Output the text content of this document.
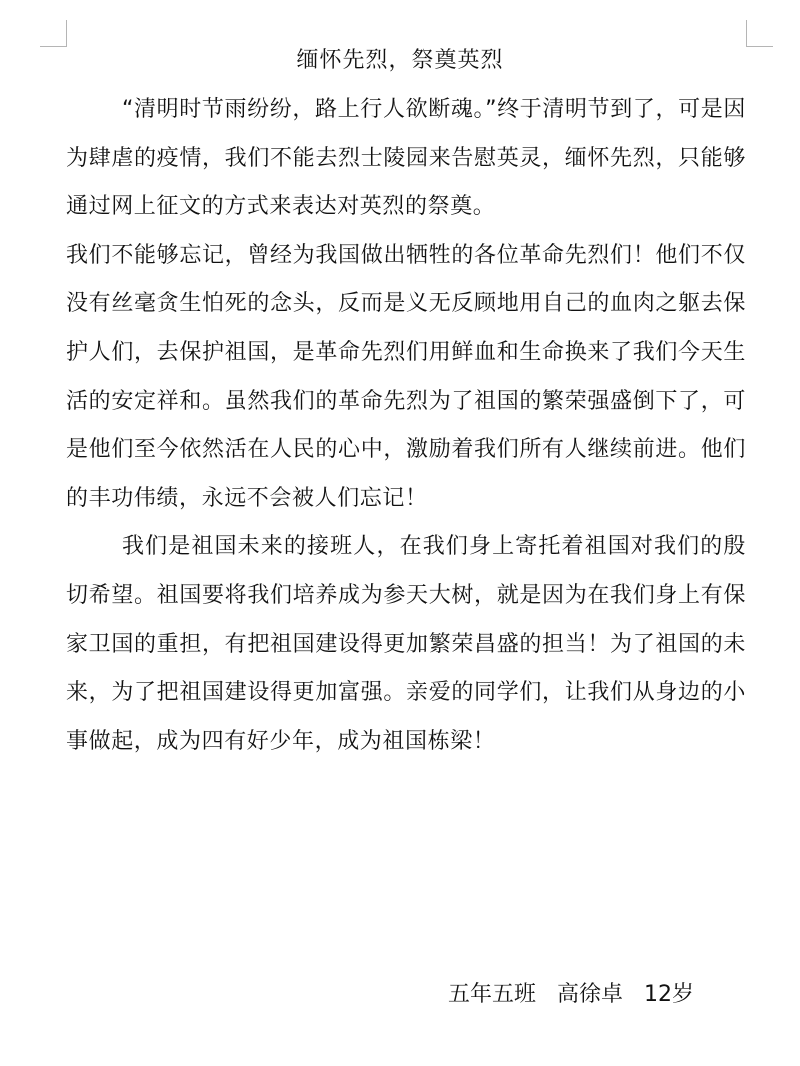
缅怀先烈，祭奠英烈

“清明时节雨纷纷，路上行人欲断魂。”终于清明节到了，可是因为肆虐的疫情，我们不能去烈士陵园来告慰英灵，缅怀先烈，只能够通过网上征文的方式来表达对英烈的祭奠。

我们不能够忘记，曾经为我国做出牺牲的各位革命先烈们！他们不仅没有丝毫贪生怕死的念头，反而是义无反顾地用自己的血肉之躯去保护人们，去保护祖国，是革命先烈们用鲜血和生命换来了我们今天生活的安定祥和。虽然我们的革命先烈为了祖国的繁荣强盛倒下了，可是他们至今依然活在人民的心中，激励着我们所有人继续前进。他们的丰功伟绩，永远不会被人们忘记！

我们是祖国未来的接班人，在我们身上寄托着祖国对我们的殷切希望。祖国要将我们培养成为参天大树，就是因为在我们身上有保家卫国的重担，有把祖国建设得更加繁荣昌盛的担当！为了祖国的未来，为了把祖国建设得更加富强。亲爱的同学们，让我们从身边的小事做起，成为四有好少年，成为祖国栋梁！

五年五班   高徐卓   12岁
